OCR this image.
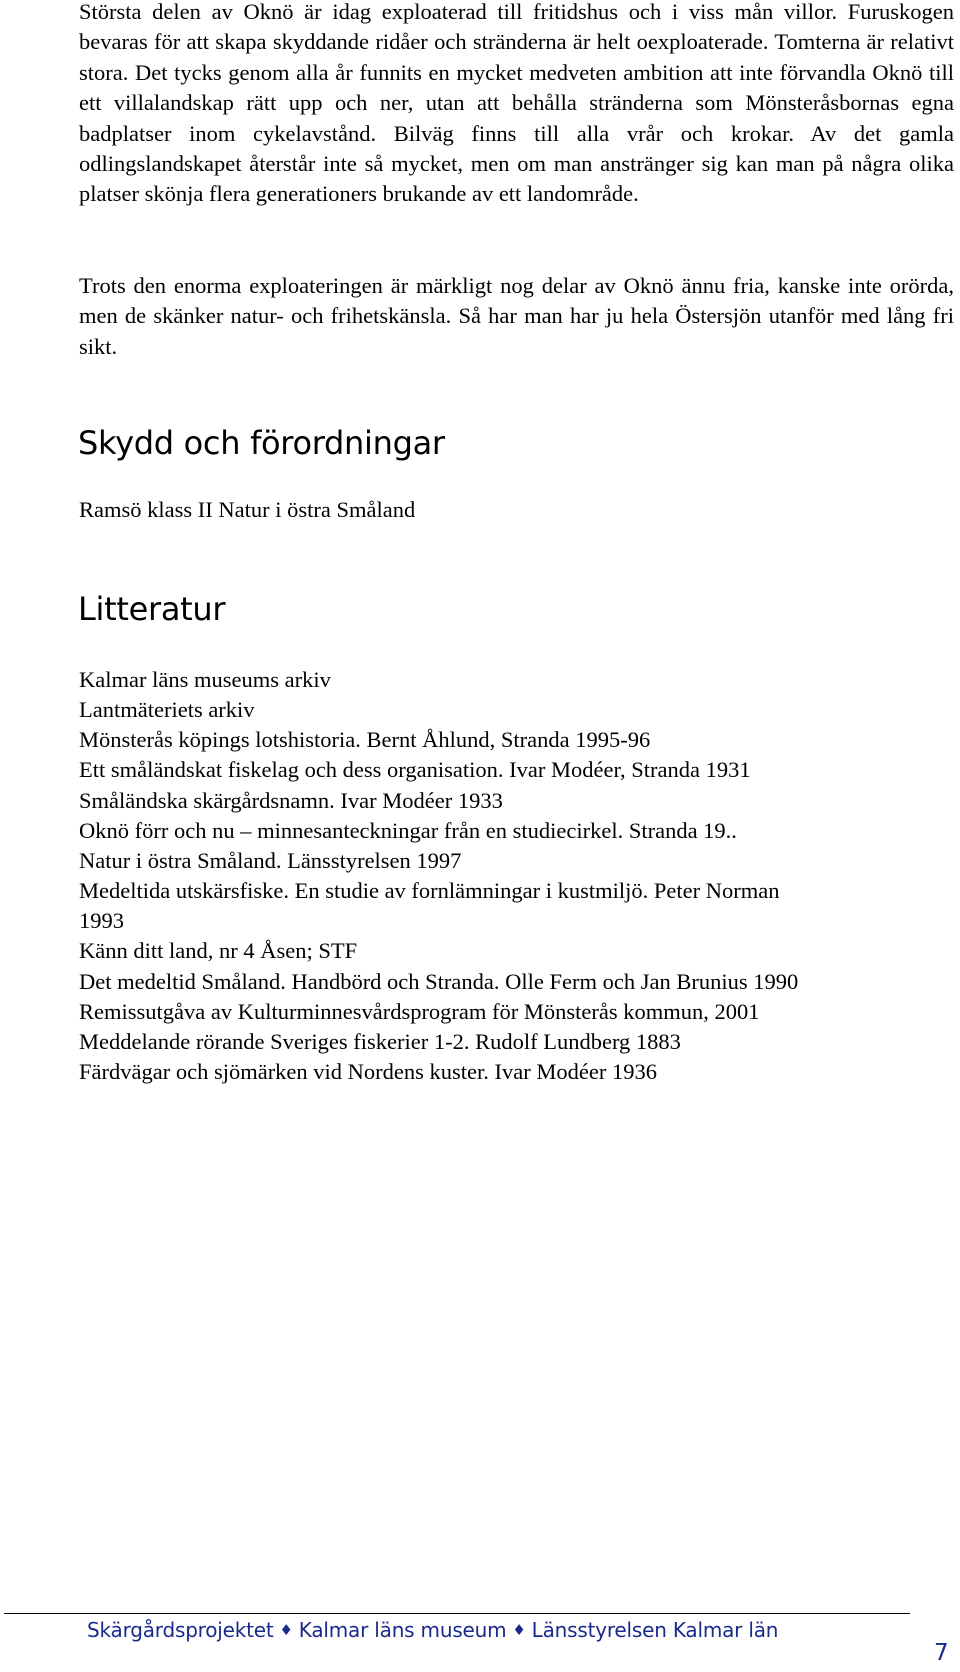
Största delen av Oknö är idag exploaterad till fritidshus och i viss mån villor. Furuskogen bevaras för att skapa skyddande ridåer och stränderna är helt oexploaterade. Tomterna är relativt stora. Det tycks genom alla år funnits en mycket medveten ambition att inte förvandla Oknö till ett villalandskap rätt upp och ner, utan att behålla stränderna som Mönsteråsbornas egna badplatser inom cykelavstånd. Bilväg finns till alla vrår och krokar. Av det gamla odlingslandskapet återstår inte så mycket, men om man anstränger sig kan man på några olika platser skönja flera generationers brukande av ett landområde.

Trots den enorma exploateringen är märkligt nog delar av Oknö ännu fria, kanske inte orörda, men de skänker natur- och frihetskänsla. Så har man har ju hela Östersjön utanför med lång fri sikt.

Skydd och förordningar

Ramsö klass II Natur i östra Småland

Litteratur

Kalmar läns museums arkiv

Lantmäteriets arkiv

Mönsterås köpings lotshistoria. Bernt Åhlund, Stranda 1995-96

Ett småländskat fiskelag och dess organisation. Ivar Modéer, Stranda 1931

Småländska skärgårdsnamn. Ivar Modéer 1933

Oknö förr och nu – minnesanteckningar från en studiecirkel. Stranda 19..

Natur i östra Småland. Länsstyrelsen 1997

Medeltida utskärsfiske. En studie av fornlämningar i kustmiljö. Peter Norman

1993

Känn ditt land, nr 4 Åsen; STF

Det medeltid Småland. Handbörd och Stranda. Olle Ferm och Jan Brunius 1990

Remissutgåva av Kulturminnesvårdsprogram för Mönsterås kommun, 2001

Meddelande rörande Sveriges fiskerier 1-2. Rudolf Lundberg 1883

Färdvägar och sjömärken vid Nordens kuster. Ivar Modéer 1936

Skärgårdsprojektet ♦ Kalmar läns museum ♦ Länsstyrelsen Kalmar län
7
